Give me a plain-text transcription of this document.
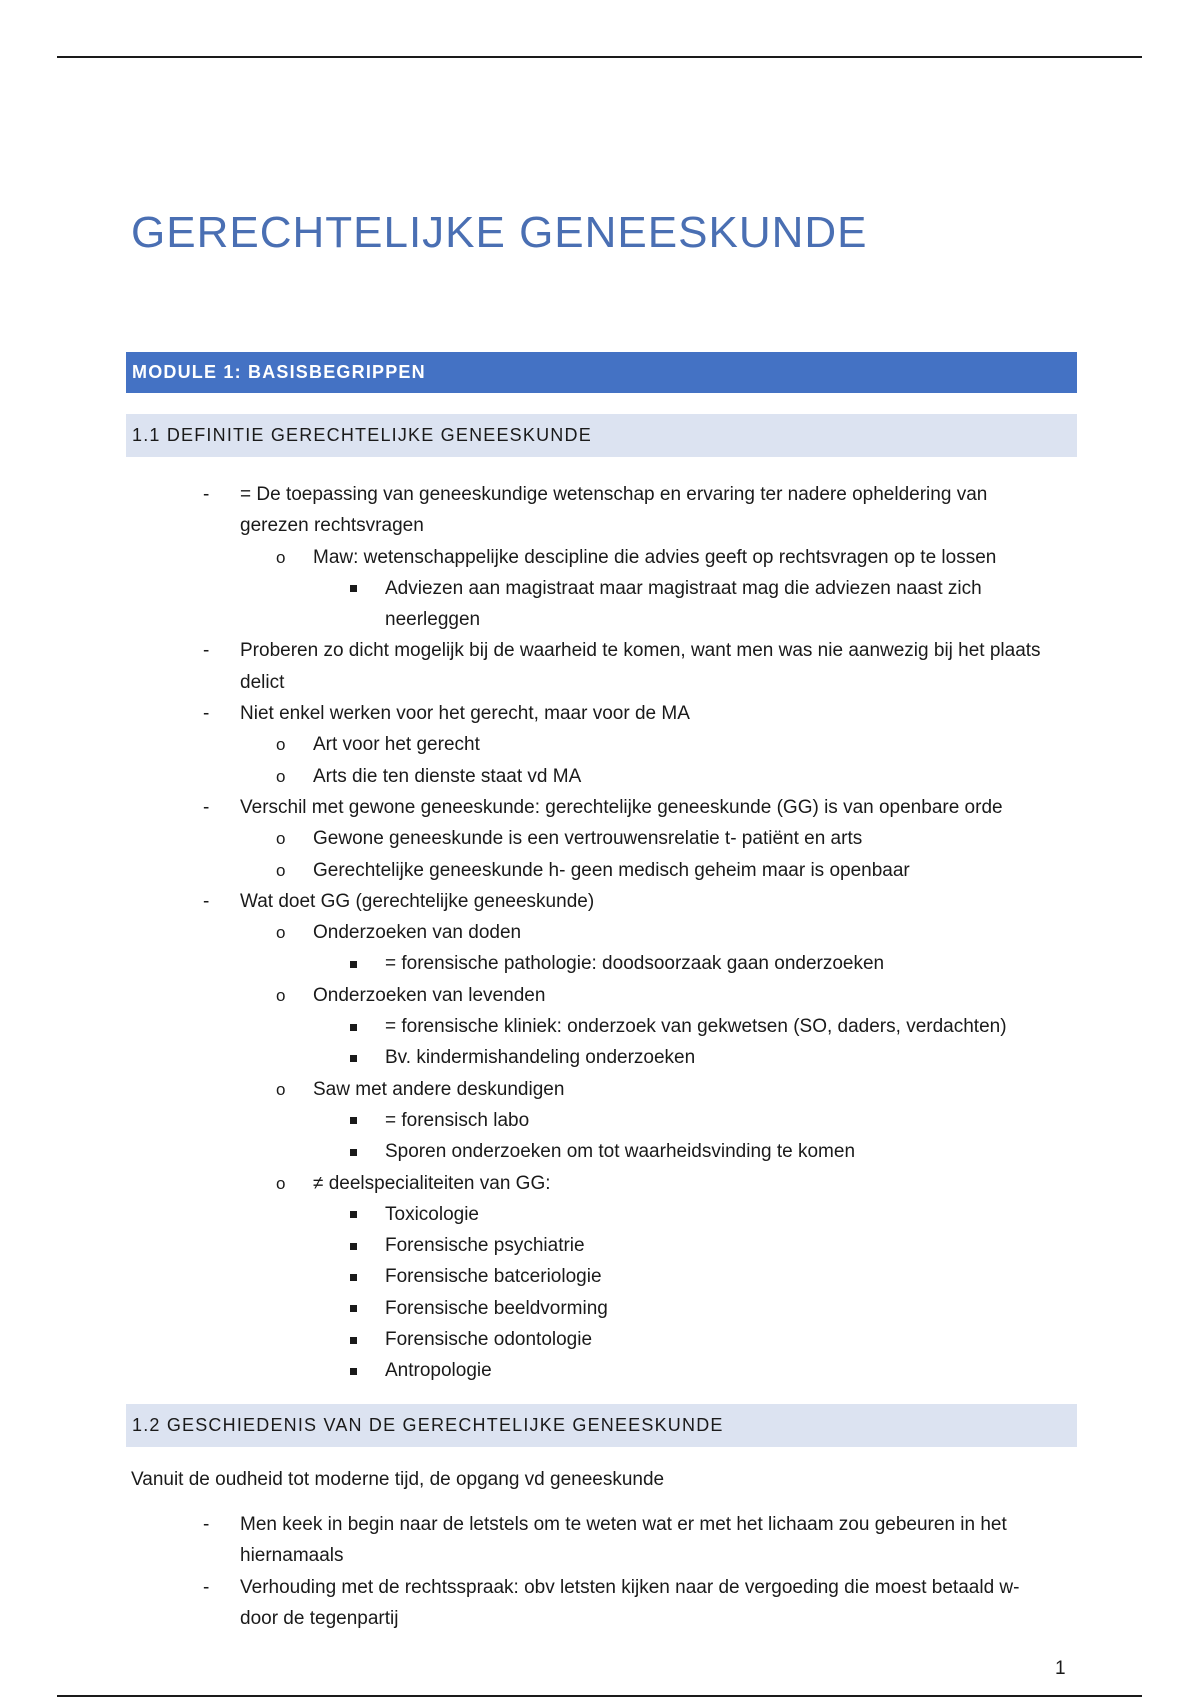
GERECHTELIJKE GENEESKUNDE
MODULE 1: BASISBEGRIPPEN
1.1 DEFINITIE GERECHTELIJKE GENEESKUNDE
- = De toepassing van geneeskundige wetenschap en ervaring ter nadere opheldering van gerezen rechtsvragen
o Maw: wetenschappelijke descipline die advies geeft op rechtsvragen op te lossen
Adviezen aan magistraat maar magistraat mag die adviezen naast zich neerleggen
- Proberen zo dicht mogelijk bij de waarheid te komen, want men was nie aanwezig bij het plaats delict
- Niet enkel werken voor het gerecht, maar voor de MA
o Art voor het gerecht
o Arts die ten dienste staat vd MA
- Verschil met gewone geneeskunde: gerechtelijke geneeskunde (GG) is van openbare orde
o Gewone geneeskunde is een vertrouwensrelatie t- patiënt en arts
o Gerechtelijke geneeskunde h- geen medisch geheim maar is openbaar
- Wat doet GG (gerechtelijke geneeskunde)
o Onderzoeken van doden
= forensische pathologie: doodsoorzaak gaan onderzoeken
o Onderzoeken van levenden
= forensische kliniek: onderzoek van gekwetsen (SO, daders, verdachten)
Bv. kindermishandeling onderzoeken
o Saw met andere deskundigen
= forensisch labo
Sporen onderzoeken om tot waarheidsvinding te komen
o ≠ deelspecialiteiten van GG:
Toxicologie
Forensische psychiatrie
Forensische batceriologie
Forensische beeldvorming
Forensische odontologie
Antropologie
1.2 GESCHIEDENIS VAN DE GERECHTELIJKE GENEESKUNDE

Vanuit de oudheid tot moderne tijd, de opgang vd geneeskunde

- Men keek in begin naar de letstels om te weten wat er met het lichaam zou gebeuren in het hiernamaals
- Verhouding met de rechtsspraak: obv letsten kijken naar de vergoeding die moest betaald w- door de tegenpartij
1
